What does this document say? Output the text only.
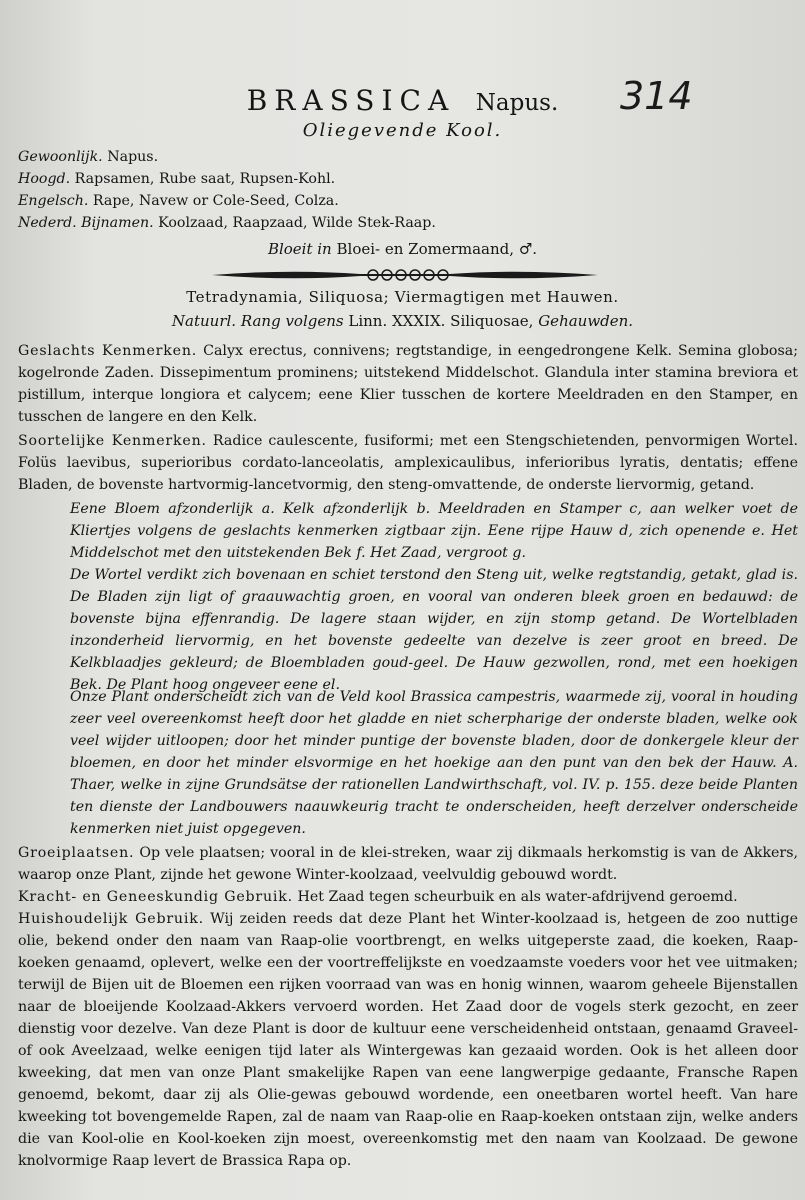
BRASSICA Napus.	314
Oliegevende Kool.
Gewoonlijk. Napus.
Hoogd. Rapsamen, Rube saat, Rupsen-Kohl.
Engelsch. Rape, Navew or Cole-Seed, Colza.
Nederd. Bijnamen. Koolzaad, Raapzaad, Wilde Stek-Raap.
Bloeit in Bloei- en Zomermaand, ♂.
Tetradynamia, Siliquosa; Viermagtigen met Hauwen.
Natuurl. Rang volgens Linn. XXXIX. Siliquosae, Gehauwden.
Geslachts Kenmerken. Calyx erectus, connivens; regtstandige, in eengedrongene Kelk. Semina globosa; kogelronde Zaden. Dissepimentum prominens; uitstekend Middelschot. Glandula inter stamina breviora et pistillum, interque longiora et calycem; eene Klier tusschen de kortere Meeldraden en den Stamper, en tusschen de langere en den Kelk.
Soortelijke Kenmerken. Radice caulescente, fusiformi; met een Stengschietenden, penvormigen Wortel. Folüs laevibus, superioribus cordato-lanceolatis, amplexicaulibus, inferioribus lyratis, dentatis; effene Bladen, de bovenste hartvormig-lancetvormig, den steng-omvattende, de onderste liervormig, getand.
Eene Bloem afzonderlijk a. Kelk afzonderlijk b. Meeldraden en Stamper c, aan welker voet de Kliertjes volgens de geslachts kenmerken zigtbaar zijn. Eene rijpe Hauw d, zich openende e. Het Middelschot met den uitstekenden Bek f. Het Zaad, vergroot g.
De Wortel verdikt zich bovenaan en schiet terstond den Steng uit, welke regtstandig, getakt, glad is. De Bladen zijn ligt of graauwachtig groen, en vooral van onderen bleek groen en bedauwd: de bovenste bijna effenrandig. De lagere staan wijder, en zijn stomp getand. De Wortelbladen inzonderheid liervormig, en het bovenste gedeelte van dezelve is zeer groot en breed. De Kelkblaadjes gekleurd; de Bloembladen goud-geel. De Hauw gezwollen, rond, met een hoekigen Bek. De Plant hoog ongeveer eene el.
Onze Plant onderscheidt zich van de Veld kool Brassica campestris, waarmede zij, vooral in houding zeer veel overeenkomst heeft door het gladde en niet scherpharige der onderste bladen, welke ook veel wijder uitloopen; door het minder puntige der bovenste bladen, door de donkergele kleur der bloemen, en door het minder elsvormige en het hoekige aan den punt van den bek der Hauw. A. Thaer, welke in zijne Grundsätse der rationellen Landwirthschaft, vol. IV. p. 155. deze beide Planten ten dienste der Landbouwers naauwkeurig tracht te onderscheiden, heeft derzelver onderscheide kenmerken niet juist opgegeven.
Groeiplaatsen. Op vele plaatsen; vooral in de klei-streken, waar zij dikmaals herkomstig is van de Akkers, waarop onze Plant, zijnde het gewone Winter-koolzaad, veelvuldig gebouwd wordt.
Kracht- en Geneeskundig Gebruik. Het Zaad tegen scheurbuik en als water-afdrijvend geroemd.
Huishoudelijk Gebruik. Wij zeiden reeds dat deze Plant het Winter-koolzaad is, hetgeen de zoo nuttige olie, bekend onder den naam van Raap-olie voortbrengt, en welks uitgeperste zaad, die koeken, Raap-koeken genaamd, oplevert, welke een der voortreffelijkste en voedzaamste voeders voor het vee uitmaken; terwijl de Bijen uit de Bloemen een rijken voorraad van was en honig winnen, waarom geheele Bijenstallen naar de bloeijende Koolzaad-Akkers vervoerd worden. Het Zaad door de vogels sterk gezocht, en zeer dienstig voor dezelve. Van deze Plant is door de kultuur eene verscheidenheid ontstaan, genaamd Graveel- of ook Aveelzaad, welke eenigen tijd later als Wintergewas kan gezaaid worden. Ook is het alleen door kweeking, dat men van onze Plant smakelijke Rapen van eene langwerpige gedaante, Fransche Rapen genoemd, bekomt, daar zij als Olie-gewas gebouwd wordende, een oneetbaren wortel heeft. Van hare kweeking tot bovengemelde Rapen, zal de naam van Raap-olie en Raap-koeken ontstaan zijn, welke anders die van Kool-olie en Kool-koeken zijn moest, overeenkomstig met den naam van Koolzaad. De gewone knolvormige Raap levert de Brassica Rapa op.
